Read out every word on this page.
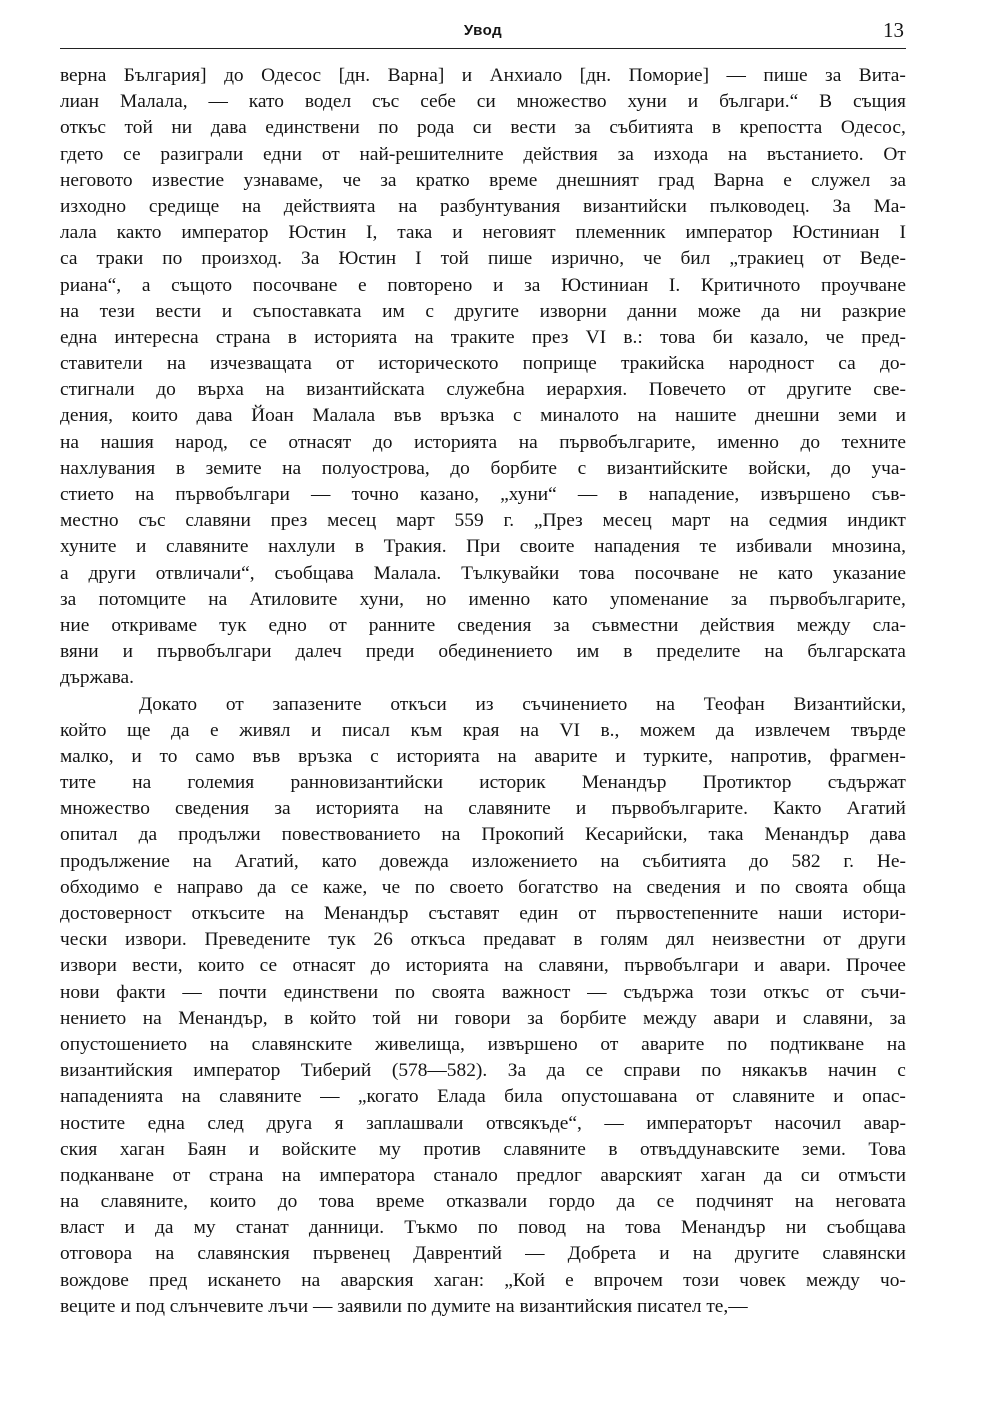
Увод	13
верна България] до Одесос [дн. Варна] и Анхиало [дн. Поморие] — пише за Вита-
лиан Малала, — като водел със себе си множество хуни и българи.“ В същия
откъс той ни дава единствени по рода си вести за събитията в крепостта Одесос,
гдето се разиграли едни от най-решителните действия за изхода на въстанието. От
неговото известие узнаваме, че за кратко време днешният град Варна е служел за
изходно средище на действията на разбунтувания византийски пълководец. За Ма-
лала както император Юстин I, така и неговият племенник император Юстиниан I
са траки по произход. За Юстин I той пише изрично, че бил „тракиец от Веде-
риана“, а същото посочване е повторено и за Юстиниан I. Критичното проучване
на тези вести и съпоставката им с другите изворни данни може да ни разкрие
една интересна страна в историята на траките през VI в.: това би казало, че пред-
ставители на изчезващата от историческото поприще тракийска народност са до-
стигнали до върха на византийската служебна иерархия. Повечето от другите све-
дения, които дава Йоан Малала във връзка с миналото на нашите днешни земи и
на нашия народ, се отнасят до историята на първобългарите, именно до техните
нахлувания в земите на полуострова, до борбите с византийските войски, до уча-
стието на първобългари — точно казано, „хуни“ — в нападение, извършено съв-
местно със славяни през месец март 559 г. „През месец март на седмия индикт
хуните и славяните нахлули в Тракия. При своите нападения те избивали мнозина,
а други отвличали“, съобщава Малала. Тълкувайки това посочване не като указание
за потомците на Атиловите хуни, но именно като упоменание за първобългарите,
ние откриваме тук едно от ранните сведения за съвместни действия между сла-
вяни и първобългари далеч преди обединението им в пределите на българската
държава.
Докато от запазените откъси из съчинението на Теофан Византийски,
който ще да е живял и писал към края на VI в., можем да извлечем твърде
малко, и то само във връзка с историята на аварите и турките, напротив, фрагмен-
тите на големия ранновизантийски историк Менандър Протиктор съдържат
множество сведения за историята на славяните и първобългарите. Както Агатий
опитал да продължи повествованието на Прокопий Кесарийски, така Менандър дава
продължение на Агатий, като довежда изложението на събитията до 582 г. Не-
обходимо е направо да се каже, че по своето богатство на сведения и по своята обща
достоверност откъсите на Менандър съставят един от първостепенните наши истори-
чески извори. Преведените тук 26 откъса предават в голям дял неизвестни от други
извори вести, които се отнасят до историята на славяни, първобългари и авари. Прочее
нови факти — почти единствени по своята важност — съдържа този откъс от съчи-
нението на Менандър, в който той ни говори за борбите между авари и славяни, за
опустошението на славянските живелища, извършено от аварите по подтикване на
византийския император Тиберий (578—582). За да се справи по някакъв начин с
нападенията на славяните — „когато Елада била опустошавана от славяните и опас-
ностите една след друга я заплашвали отвсякъде“, — императорът насочил авар-
ския хаган Баян и войските му против славяните в отвъддунавските земи. Това
подканване от страна на императора станало предлог аварският хаган да си отмъсти
на славяните, които до това време отказвали гордо да се подчинят на неговата
власт и да му станат данници. Тъкмо по повод на това Менандър ни съобщава
отговора на славянския първенец Даврентий — Добрета и на другите славянски
вождове пред искането на аварския хаган: „Кой е впрочем този човек между чо-
веците и под слънчевите лъчи — заявили по думите на византийския писател те,—
